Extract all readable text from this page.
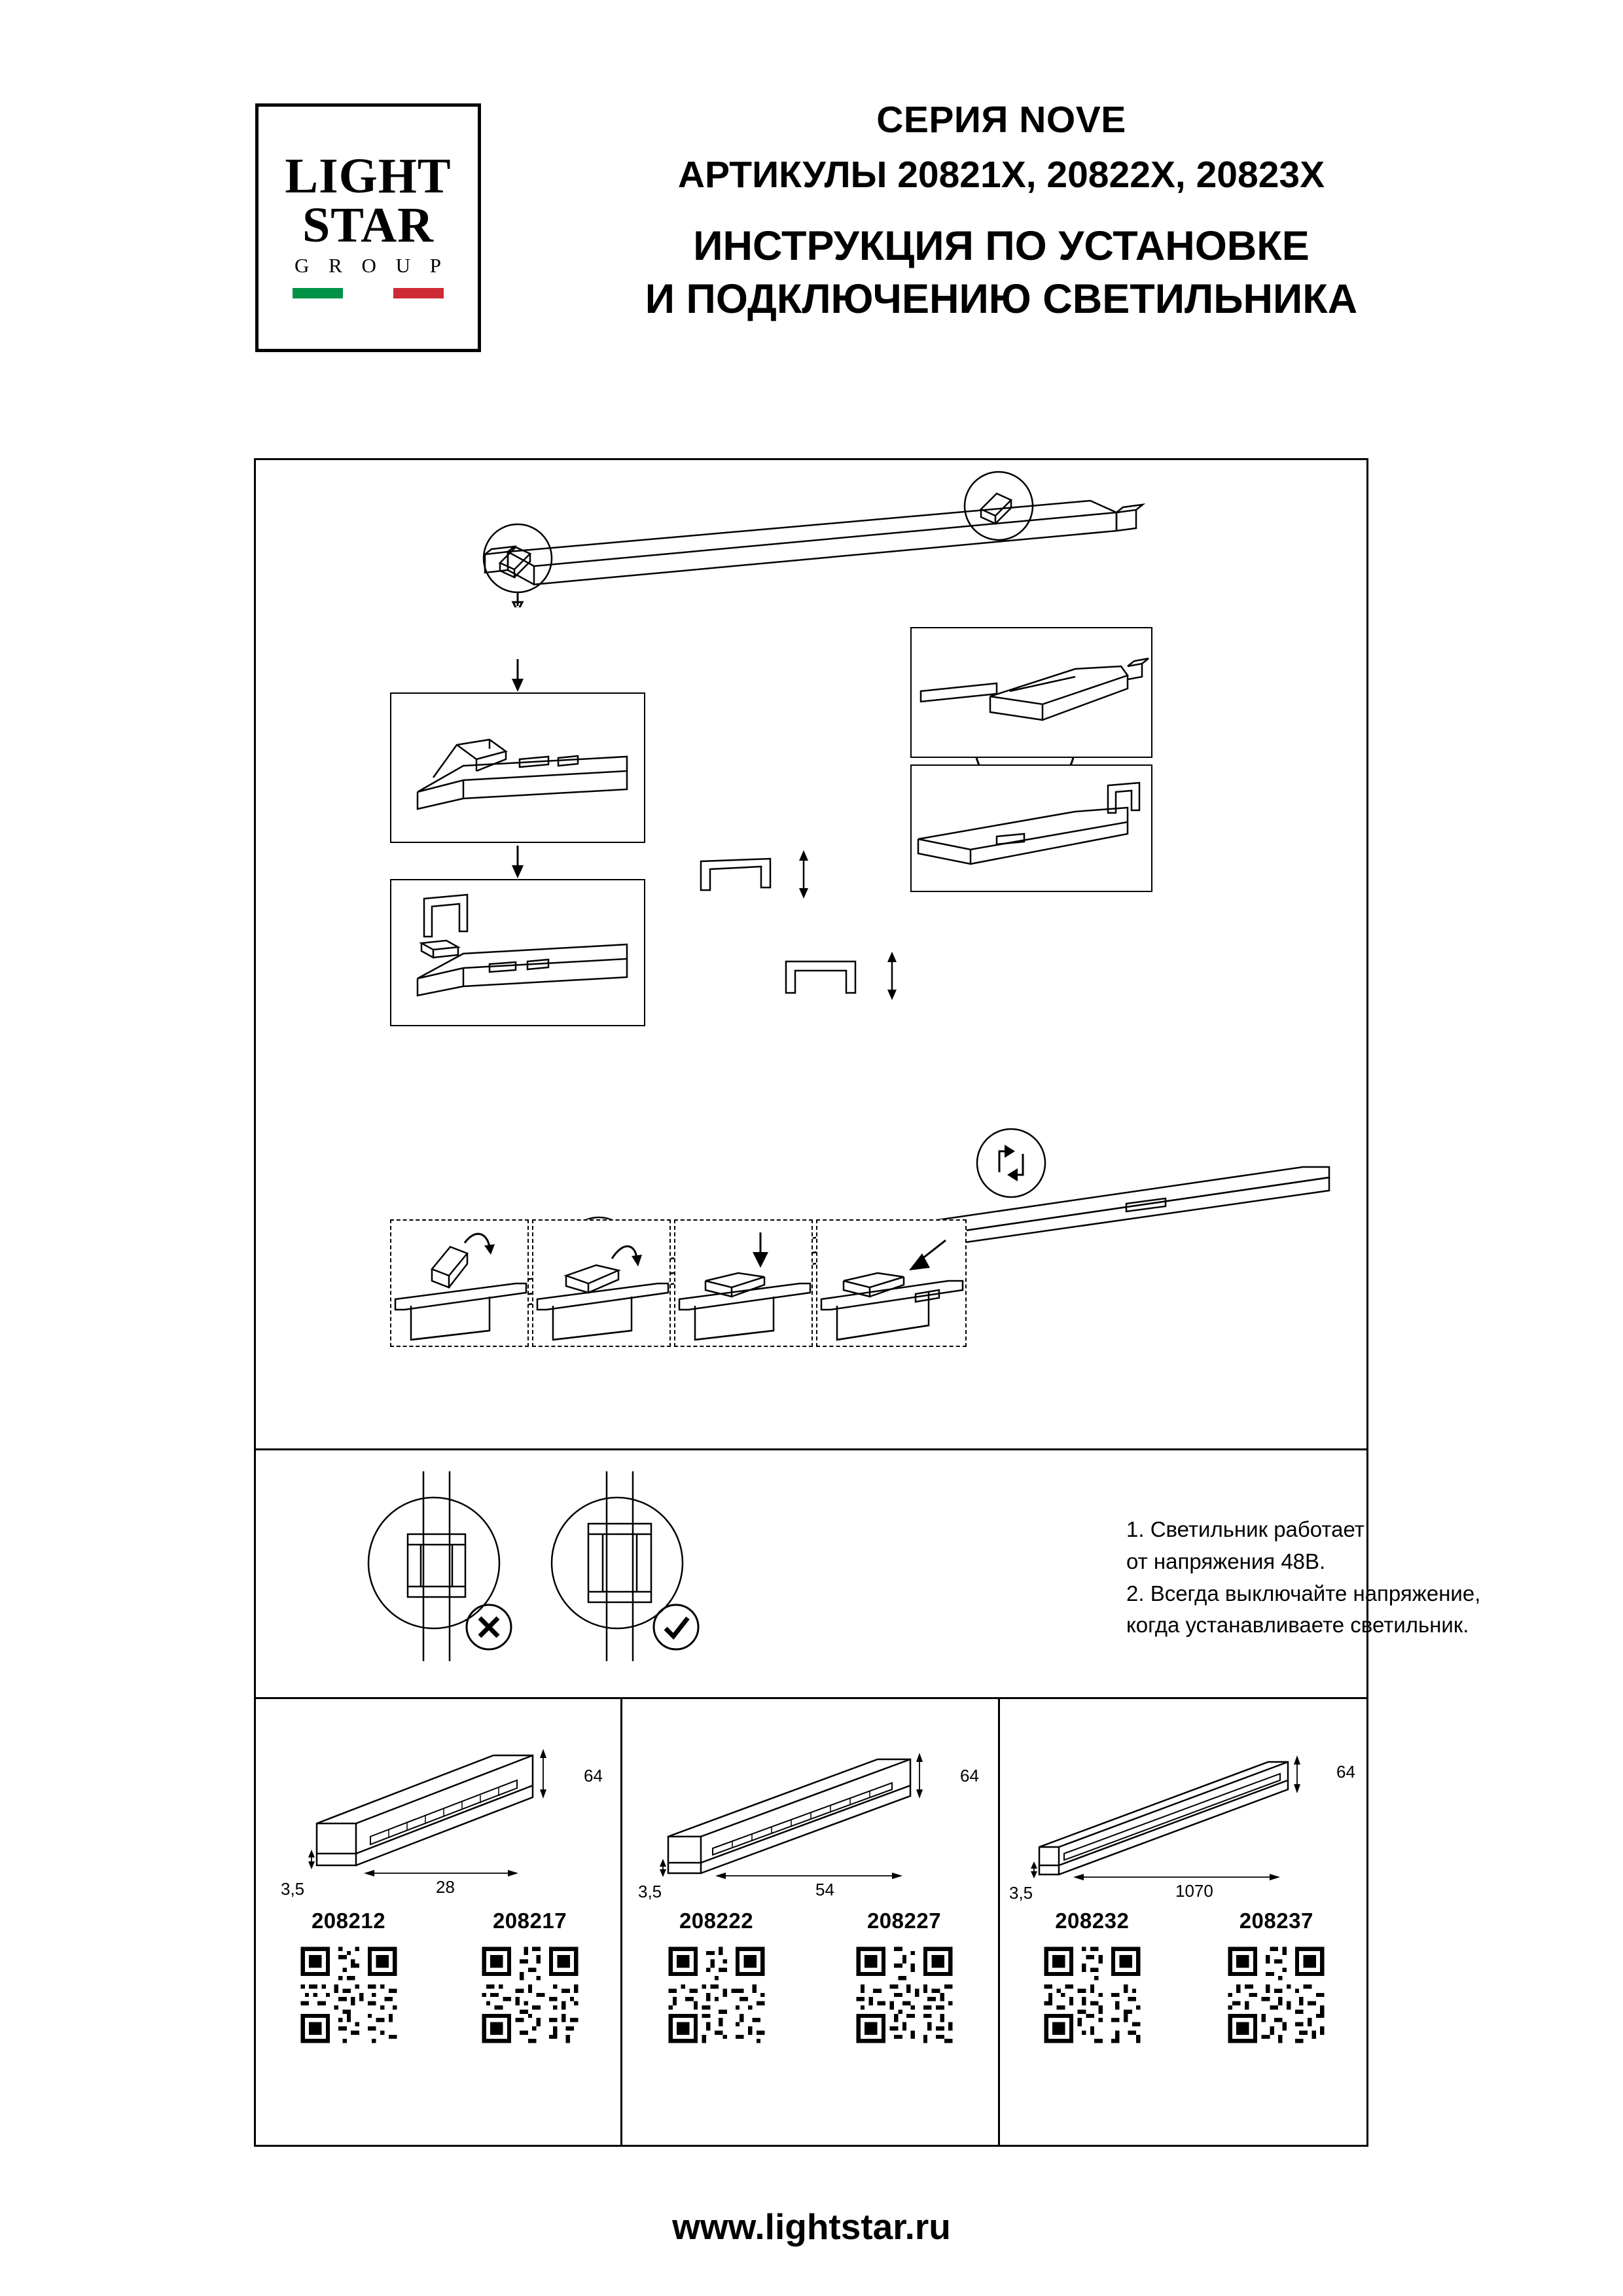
LIGHT
STAR
G R O U P
СЕРИЯ NOVE
АРТИКУЛЫ 20821X, 20822X, 20823X
ИНСТРУКЦИЯ ПО УСТАНОВКЕ
И ПОДКЛЮЧЕНИЮ СВЕТИЛЬНИКА

1. Светильник работает

от напряжения 48В.

2. Всегда выключайте напряжение,

когда устанавливаете светильник.

64
28
3,5
208212	208217
64
54
3,5
208222	208227
64
1070
3,5
208232	208237
www.lightstar.ru
